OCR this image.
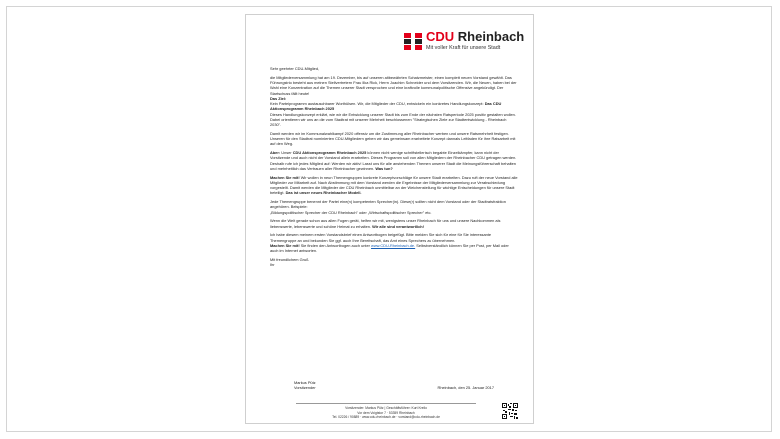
CDU Rheinbach
Mit voller Kraft für unsere Stadt

Sehr geehrter CDU-Mitglied,

die Mitgliederversammlung hat am 19. Dezember, bis auf unseren altbewährten Schatzmeister, einen komplett neuen Vorstand gewählt. Das Führungstrio besteht aus meinen Stellvertretern Frau Ilka Rick, Herrn Joachim Schneider und dem Vorsitzenden. Wir, die Neuen, haben bei der Wahl eine Konzentration auf die Themen unserer Stadt versprochen und eine kraftvolle kommunalpolitische Offensive angekündigt. Der Startschuss fällt heute!
Das Ziel:
Kein Parteiprogramm austauschbarer Worthülsen. Wir, die Mitglieder der CDU, entwickeln ein konkretes Handlungskonzept: Das CDU Aktionsprogramm Rheinbach 2025
Dieses Handlungskonzept erklärt, wie wir die Entwicklung unserer Stadt bis zum Ende der nächsten Ratsperiode 2025 positiv gestalten wollen. Dabei orientieren wir uns an die vom Stadtrat mit unserer Mehrheit beschlossenen "Strategischen Ziele zur Stadtentwicklung - Rheinbach 2030".

Damit werden wir im Kommunalwahlkampf 2020 offensiv um die Zustimmung aller Rheinbacher werben und unsere Ratsmehrheit festigen. Unseren für den Stadtrat nominierten CDU-Mitgliedern geben wir das gemeinsam erarbeitete Konzept dannals Leitfaden für ihre Ratsarbeit mit auf den Weg.

Aber: Unser CDU Aktionsprogramm Rheinbach 2025 können nicht wenige schriftstellerisch begabte Einzelkämpfer, kann nicht der Vorsitzende und auch nicht der Vorstand allein erarbeiten. Dieses Programm soll von allen Mitgliedern der Rheinbacher CDU getragen werden. Deshalb rufe ich jedes Mitglied auf: Werden wir aktiv! Lasst uns für alle anstehenden Themen unserer Stadt die Meinungsführerschaft behalten und mehrheitlich das Vertrauen aller Rheinbacher gewinnen. Was tun?

Machen Sie mit! Wir wollen in neun Themengruppen konkrete Konzeptvorschläge für unsere Stadt erarbeiten. Dazu ruft der neue Vorstand alle Mitglieder zur Mitarbeit auf. Nach Abstimmung mit dem Vorstand werden die Ergebnisse der Mitgliederversammlung zur Verabschiedung vorgestellt. Damit werden die Mitglieder der CDU Rheinbach unmittelbar an der Weichenstellung für wichtige Entscheidungen für unsere Stadt beteiligt. Das ist unser neues Rheinbacher Modell.

Jede Themengruppe benennt der Partei eine(n) kompetenten Sprecher(in). Diese(r) sollten nicht dem Vorstand oder der Stadtratsfraktion angehören. Beispiele:
„Bildungspolitischer Sprecher der CDU Rheinbach" oder „Wirtschaftspolitischer Sprecher" etc.

Wenn die Welt gerade schon aus allen Fugen gerät, helfen wir mit, wenigstens unser Rheinbach für uns und unsere Nachkommen als liebenswerte, lebenswerte und schöne Heimat zu erhalten. Wir alle sind verantwortlich!

Ich habe diesem meinem ersten Vorstandsbrief einen Antwortbogen beigefügt. Bitte melden Sie sich für eine für Sie interessante Themengruppe an und bekunden Sie ggf. auch Ihre Bereitschaft, das Amt eines Sprechers zu übernehmen.
Machen Sie mit! Sie finden den Antwortbogen auch unter www.CDU-Rheinbach.de. Selbstverständlich können Sie per Post, per Mail oder auch im Internet antworten.

Mit freundlichem Gruß
Ihr

Markus Pütz
Vorsitzender	Rheinbach, den 25. Januar 2017
Vorsitzender: Markus Pütz | Geschäftsführer: Kurt Kreilo
Vor dem Voigtstor 7 · 53359 Rheinbach
Tel. 02226 / 90889 · www.cdu-rheinbach.de · vorstand@cdu-rheinbach.de
